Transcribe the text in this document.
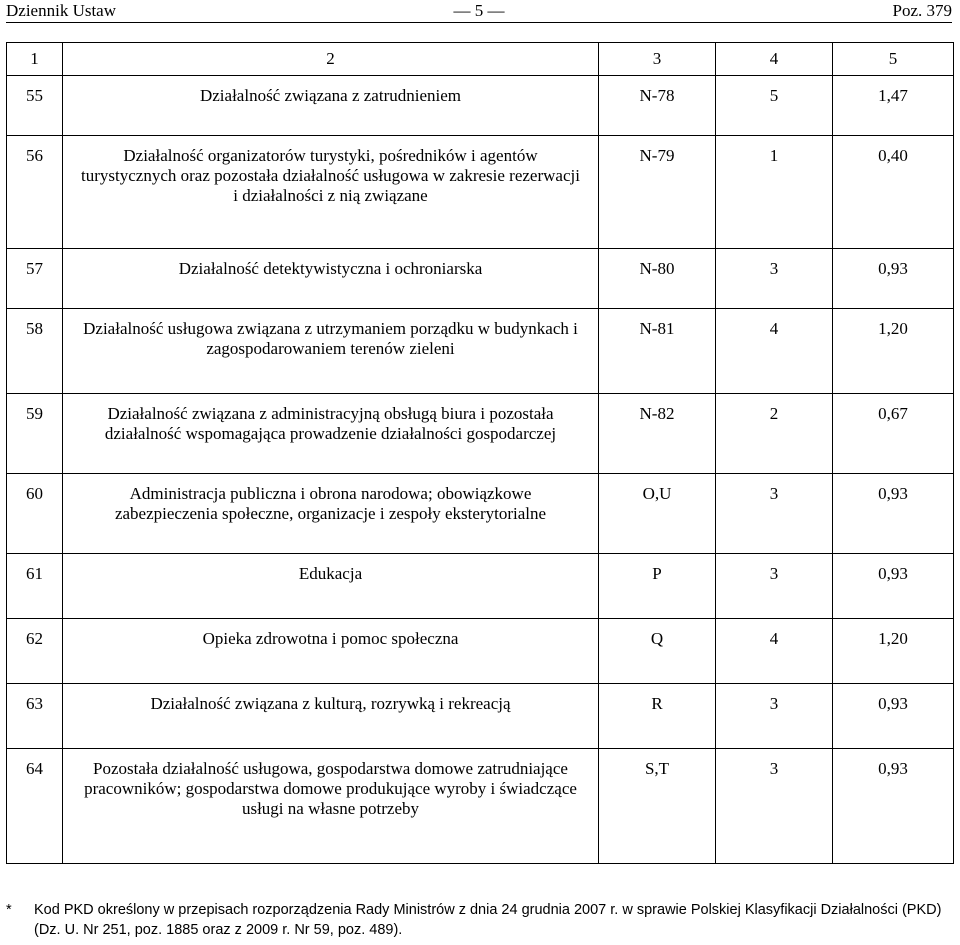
Dziennik Ustaw	— 5 —	Poz. 379
1	2	3	4	5

55	Działalność związana z zatrudnieniem	N-78	5	1,47

56	Działalność organizatorów turystyki, pośredników i agentów turystycznych oraz pozostała działalność usługowa w zakresie rezerwacji i działalności z nią związane	N-79	1	0,40

57	Działalność detektywistyczna i ochroniarska	N-80	3	0,93

58	Działalność usługowa związana z utrzymaniem porządku w budynkach i zagospodarowaniem terenów zieleni	N-81	4	1,20

59	Działalność związana z administracyjną obsługą biura i pozostała działalność wspomagająca prowadzenie działalności gospodarczej	N-82	2	0,67

60	Administracja publiczna i obrona narodowa; obowiązkowe zabezpieczenia społeczne, organizacje i zespoły eksterytorialne	O,U	3	0,93

61	Edukacja	P	3	0,93

62	Opieka zdrowotna i pomoc społeczna	Q	4	1,20

63	Działalność związana z kulturą, rozrywką i rekreacją	R	3	0,93

64	Pozostała działalność usługowa, gospodarstwa domowe zatrudniające pracowników; gospodarstwa domowe produkujące wyroby i świadczące usługi na własne potrzeby	S,T	3	0,93
*	Kod PKD określony w przepisach rozporządzenia Rady Ministrów z dnia 24 grudnia 2007 r. w sprawie Polskiej Klasyfikacji Działalności (PKD) (Dz. U. Nr 251, poz. 1885 oraz z 2009 r. Nr 59, poz. 489).
